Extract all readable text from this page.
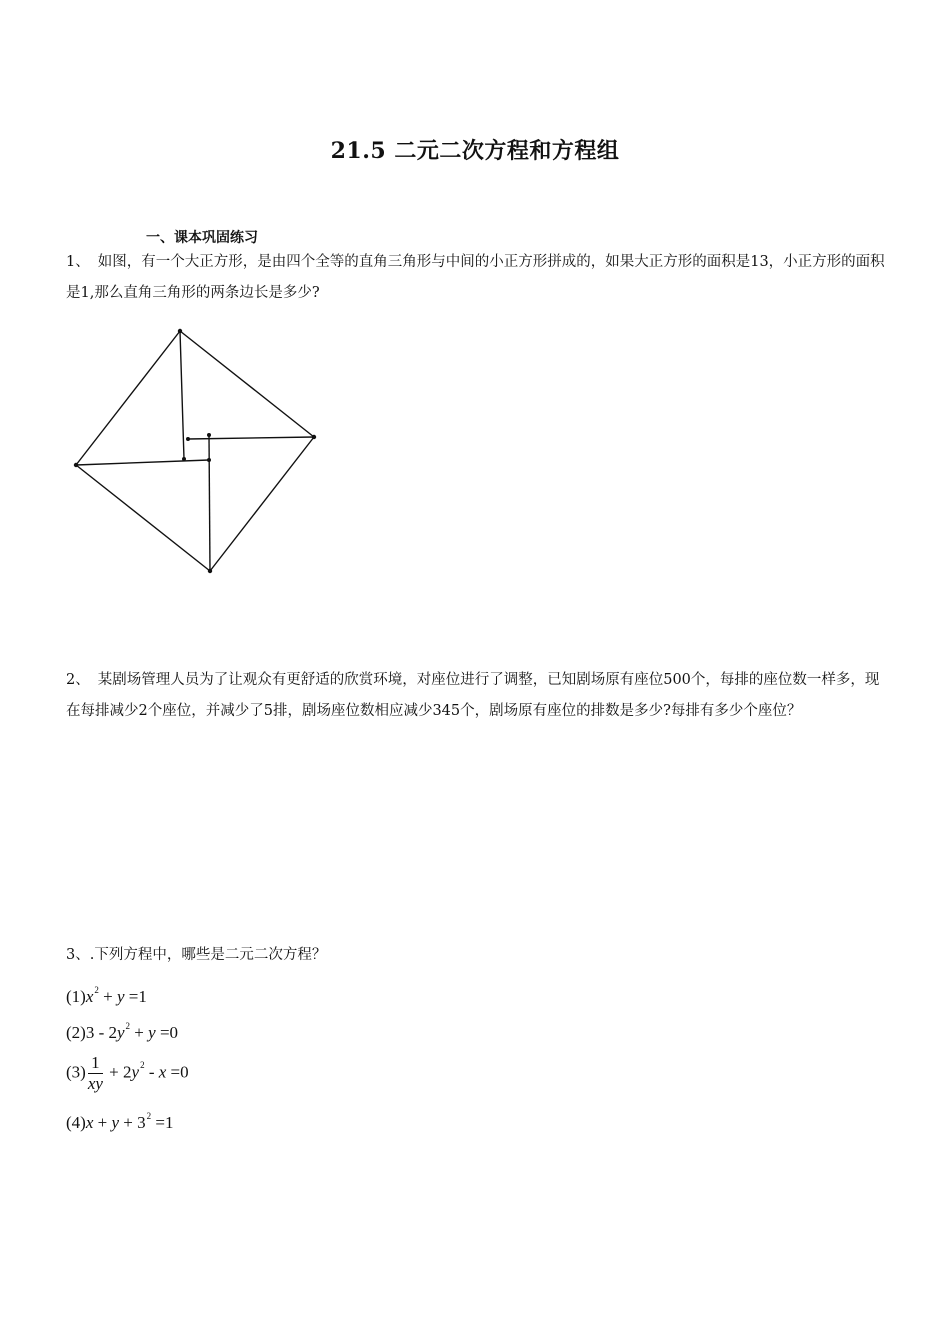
21.5 二元二次方程和方程组
一、课本巩固练习
1、 如图，有一个大正方形，是由四个全等的直角三角形与中间的小正方形拼成的，如果大正方形的面积是13，小正方形的面积是1,那么直角三角形的两条边长是多少?
2、 某剧场管理人员为了让观众有更舒适的欣赏环境，对座位进行了调整，已知剧场原有座位500个，每排的座位数一样多，现在每排减少2个座位，并减少了5排，剧场座位数相应减少345个，剧场原有座位的排数是多少?每排有多少个座位？
3、.下列方程中，哪些是二元二次方程？
$(1)x^2 + y =1$
$(2)3 - 2y^2 + y =0$
$(3) \frac{1}{xy} + 2y^2 - x =0$
$(4)x + y + 3^2 =1$
